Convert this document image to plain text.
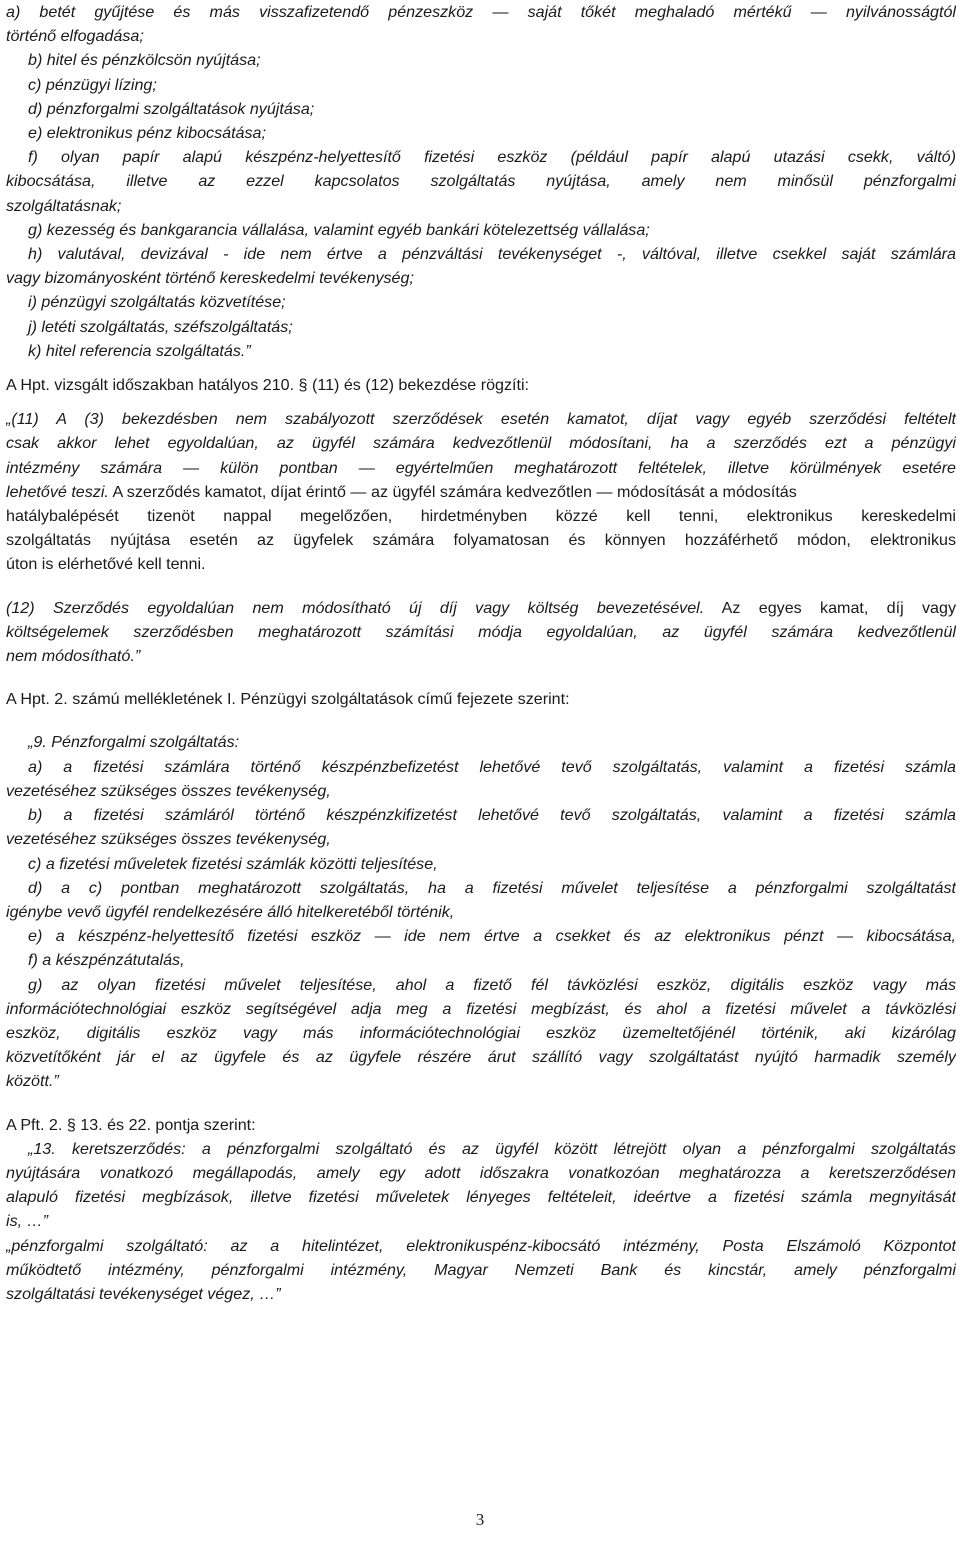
a) betét gyűjtése és más visszafizetendő pénzeszköz — saját tőkét meghaladó mértékű — nyilvánosságtól
történő elfogadása;
b) hitel és pénzkölcsön nyújtása;
c) pénzügyi lízing;
d) pénzforgalmi szolgáltatások nyújtása;
e) elektronikus pénz kibocsátása;
f) olyan papír alapú készpénz-helyettesítő fizetési eszköz (például papír alapú utazási csekk, váltó)
kibocsátása, illetve az ezzel kapcsolatos szolgáltatás nyújtása, amely nem minősül pénzforgalmi
szolgáltatásnak;
g) kezesség és bankgarancia vállalása, valamint egyéb bankári kötelezettség vállalása;
h) valutával, devizával - ide nem értve a pénzváltási tevékenységet -, váltóval, illetve csekkel saját számlára
vagy bizományosként történő kereskedelmi tevékenység;
i) pénzügyi szolgáltatás közvetítése;
j) letéti szolgáltatás, széfszolgáltatás;
k) hitel referencia szolgáltatás.”
A Hpt. vizsgált időszakban hatályos 210. § (11) és (12) bekezdése rögzíti:
„(11) A (3) bekezdésben nem szabályozott szerződések esetén kamatot, díjat vagy egyéb szerződési feltételt
csak akkor lehet egyoldalúan, az ügyfél számára kedvezőtlenül módosítani, ha a szerződés ezt a pénzügyi
intézmény számára — külön pontban — egyértelműen meghatározott feltételek, illetve körülmények esetére
lehetővé teszi. A szerződés kamatot, díjat érintő — az ügyfél számára kedvezőtlen — módosítását a módosítás
hatálybalépését tizenöt nappal megelőzően, hirdetményben közzé kell tenni, elektronikus kereskedelmi
szolgáltatás nyújtása esetén az ügyfelek számára folyamatosan és könnyen hozzáférhető módon, elektronikus
úton is elérhetővé kell tenni.
(12) Szerződés egyoldalúan nem módosítható új díj vagy költség bevezetésével. Az egyes kamat, díj vagy
költségelemek szerződésben meghatározott számítási módja egyoldalúan, az ügyfél számára kedvezőtlenül
nem módosítható.”
A Hpt. 2. számú mellékletének I. Pénzügyi szolgáltatások című fejezete szerint:
„9. Pénzforgalmi szolgáltatás:
a) a fizetési számlára történő készpénzbefizetést lehetővé tevő szolgáltatás, valamint a fizetési számla
vezetéséhez szükséges összes tevékenység,
b) a fizetési számláról történő készpénzkifizetést lehetővé tevő szolgáltatás, valamint a fizetési számla
vezetéséhez szükséges összes tevékenység,
c) a fizetési műveletek fizetési számlák közötti teljesítése,
d) a c) pontban meghatározott szolgáltatás, ha a fizetési művelet teljesítése a pénzforgalmi szolgáltatást
igénybe vevő ügyfél rendelkezésére álló hitelkeretéből történik,
e) a készpénz-helyettesítő fizetési eszköz — ide nem értve a csekket és az elektronikus pénzt — kibocsátása,
f) a készpénzátutalás,
g) az olyan fizetési művelet teljesítése, ahol a fizető fél távközlési eszköz, digitális eszköz vagy más
információtechnológiai eszköz segítségével adja meg a fizetési megbízást, és ahol a fizetési művelet a távközlési
eszköz, digitális eszköz vagy más információtechnológiai eszköz üzemeltetőjénél történik, aki kizárólag
közvetítőként jár el az ügyfele és az ügyfele részére árut szállító vagy szolgáltatást nyújtó harmadik személy
között.”
A Pft. 2. § 13. és 22. pontja szerint:
„13. keretszerződés: a pénzforgalmi szolgáltató és az ügyfél között létrejött olyan a pénzforgalmi szolgáltatás
nyújtására vonatkozó megállapodás, amely egy adott időszakra vonatkozóan meghatározza a keretszerződésen
alapuló fizetési megbízások, illetve fizetési műveletek lényeges feltételeit, ideértve a fizetési számla megnyitását
is, …”
„pénzforgalmi szolgáltató: az a hitelintézet, elektronikuspénz-kibocsátó intézmény, Posta Elszámoló Központot
működtető intézmény, pénzforgalmi intézmény, Magyar Nemzeti Bank és kincstár, amely pénzforgalmi
szolgáltatási tevékenységet végez, …”
3
